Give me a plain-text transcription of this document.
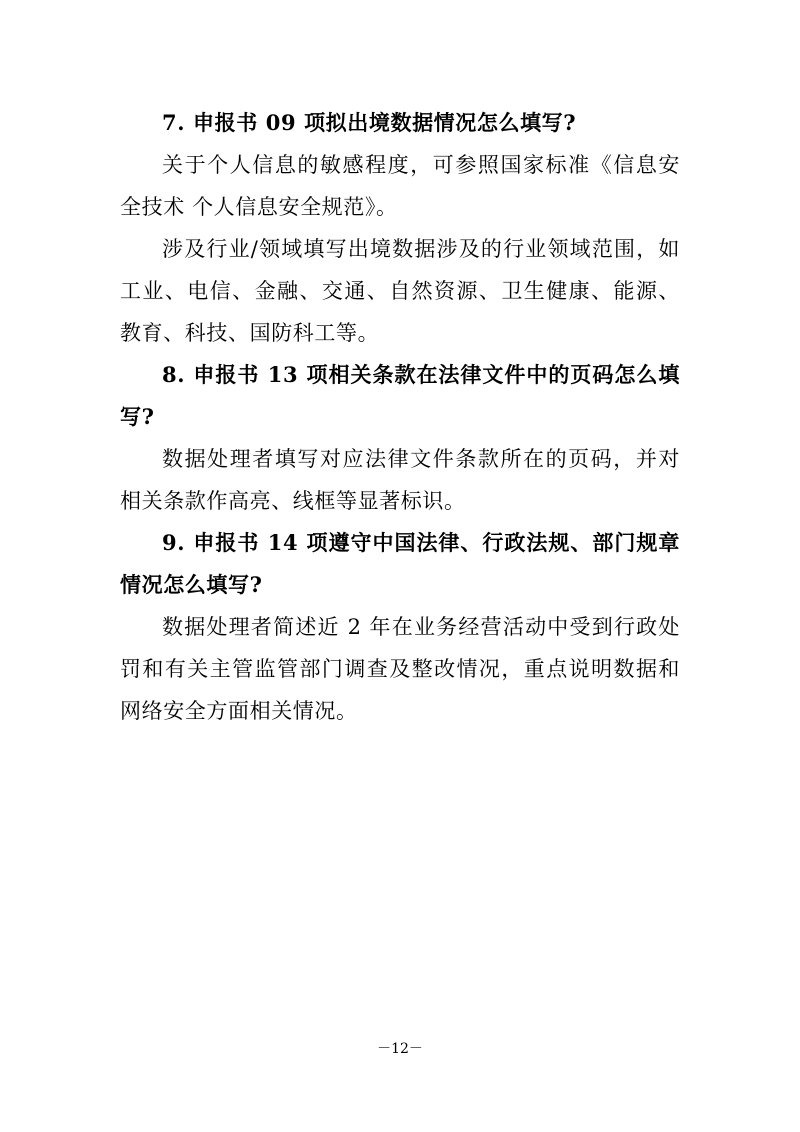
7. 申报书 09 项拟出境数据情况怎么填写?

关于个人信息的敏感程度，可参照国家标准《信息安全技术 个人信息安全规范》。

涉及行业/领域填写出境数据涉及的行业领域范围，如工业、电信、金融、交通、自然资源、卫生健康、能源、教育、科技、国防科工等。

8. 申报书 13 项相关条款在法律文件中的页码怎么填写?

数据处理者填写对应法律文件条款所在的页码，并对相关条款作高亮、线框等显著标识。

9. 申报书 14 项遵守中国法律、行政法规、部门规章情况怎么填写?

数据处理者简述近 2 年在业务经营活动中受到行政处罚和有关主管监管部门调查及整改情况，重点说明数据和网络安全方面相关情况。

－12－
